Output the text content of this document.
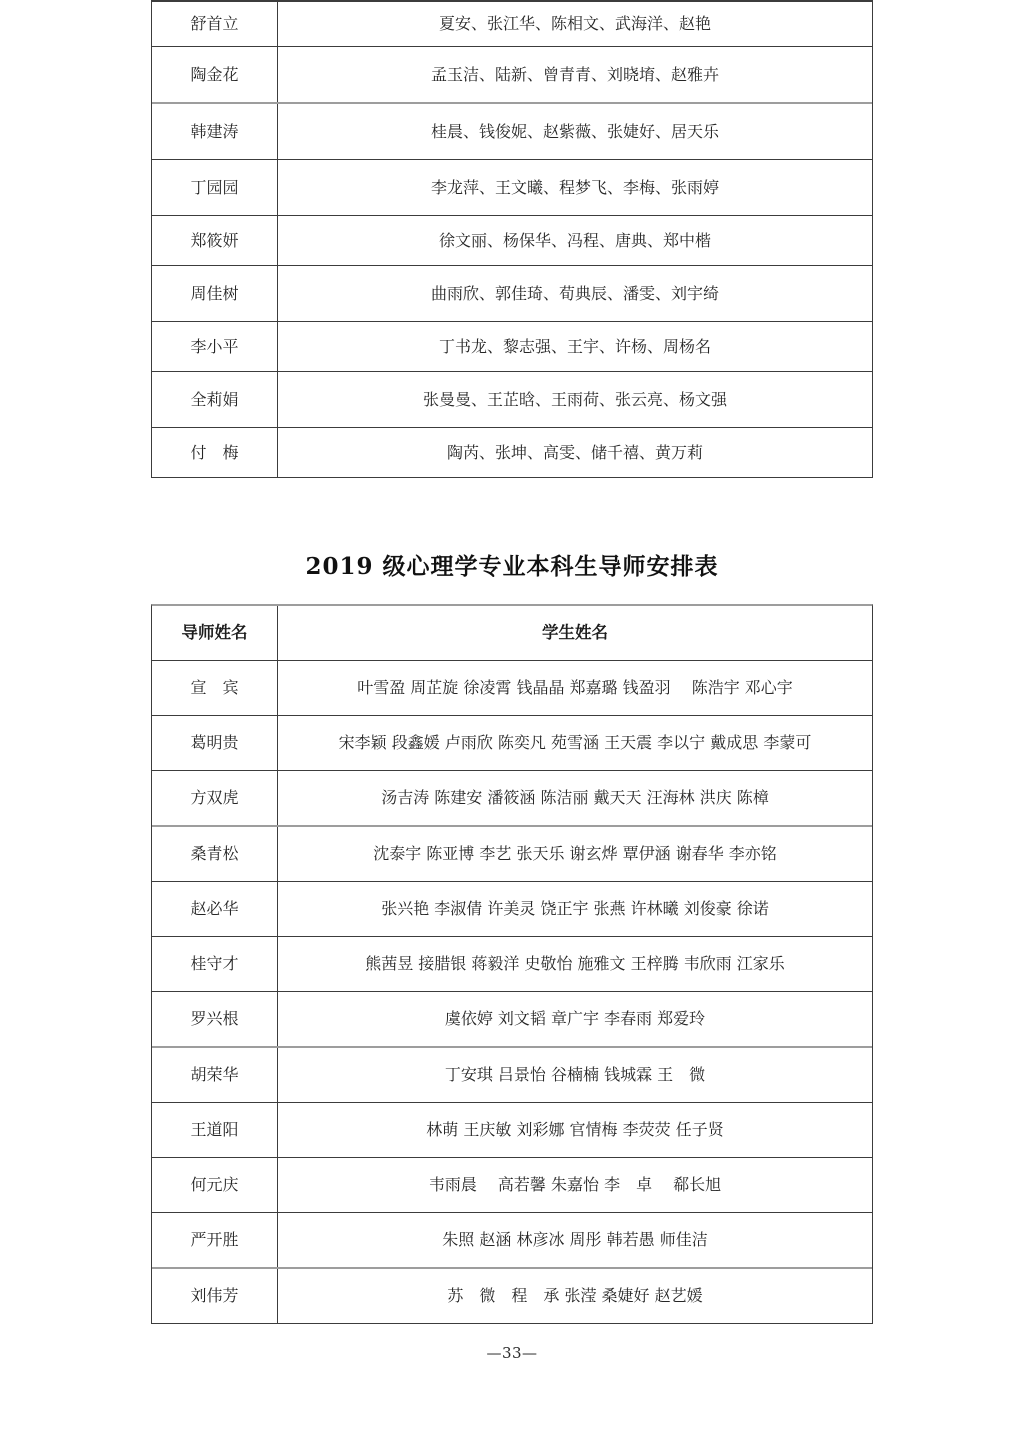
舒首立	夏安、张江华、陈相文、武海洋、赵艳
陶金花	孟玉洁、陆新、曾青青、刘晓堉、赵雅卉
韩建涛	桂晨、钱俊妮、赵紫薇、张婕好、居天乐
丁园园	李龙萍、王文曦、程梦飞、李梅、张雨婷
郑筱妍	徐文丽、杨保华、冯程、唐典、郑中楷
周佳树	曲雨欣、郭佳琦、荀典辰、潘雯、刘宇绮
李小平	丁书龙、黎志强、王宇、许杨、周杨名
全莉娟	张曼曼、王芷晗、王雨荷、张云亮、杨文强
付　梅	陶芮、张坤、高雯、储千禧、黄万莉
2019 级心理学专业本科生导师安排表
导师姓名	学生姓名
宣　宾	叶雪盈 周芷旋 徐凌霄 钱晶晶 郑嘉璐 钱盈羽　 陈浩宇 邓心宇
葛明贵	宋李颖 段鑫媛 卢雨欣 陈奕凡 苑雪涵 王天震 李以宁 戴成思 李蒙可
方双虎	汤吉涛 陈建安 潘筱涵 陈洁丽 戴天天 汪海林 洪庆 陈樟
桑青松	沈泰宇 陈亚博 李艺 张天乐 谢玄烨 覃伊涵 谢春华 李亦铭
赵必华	张兴艳 李淑倩 许美灵 饶正宇 张燕 许林曦 刘俊豪 徐诺
桂守才	熊茜昱 接腊银 蒋毅洋 史敬怡 施雅文 王梓腾 韦欣雨 江家乐
罗兴根	虞依婷 刘文韬 章广宇 李春雨 郑爱玲
胡荣华	丁安琪 吕景怡 谷楠楠 钱城霖 王　微
王道阳	林萌 王庆敏 刘彩娜 官情梅 李荧荧 任子贤
何元庆	韦雨晨　 高若馨 朱嘉怡 李　卓　 郗长旭
严开胜	朱照 赵涵 林彦冰 周彤 韩若愚 师佳洁
刘伟芳	苏　微　程　承 张滢 桑婕好 赵艺媛
—33—
